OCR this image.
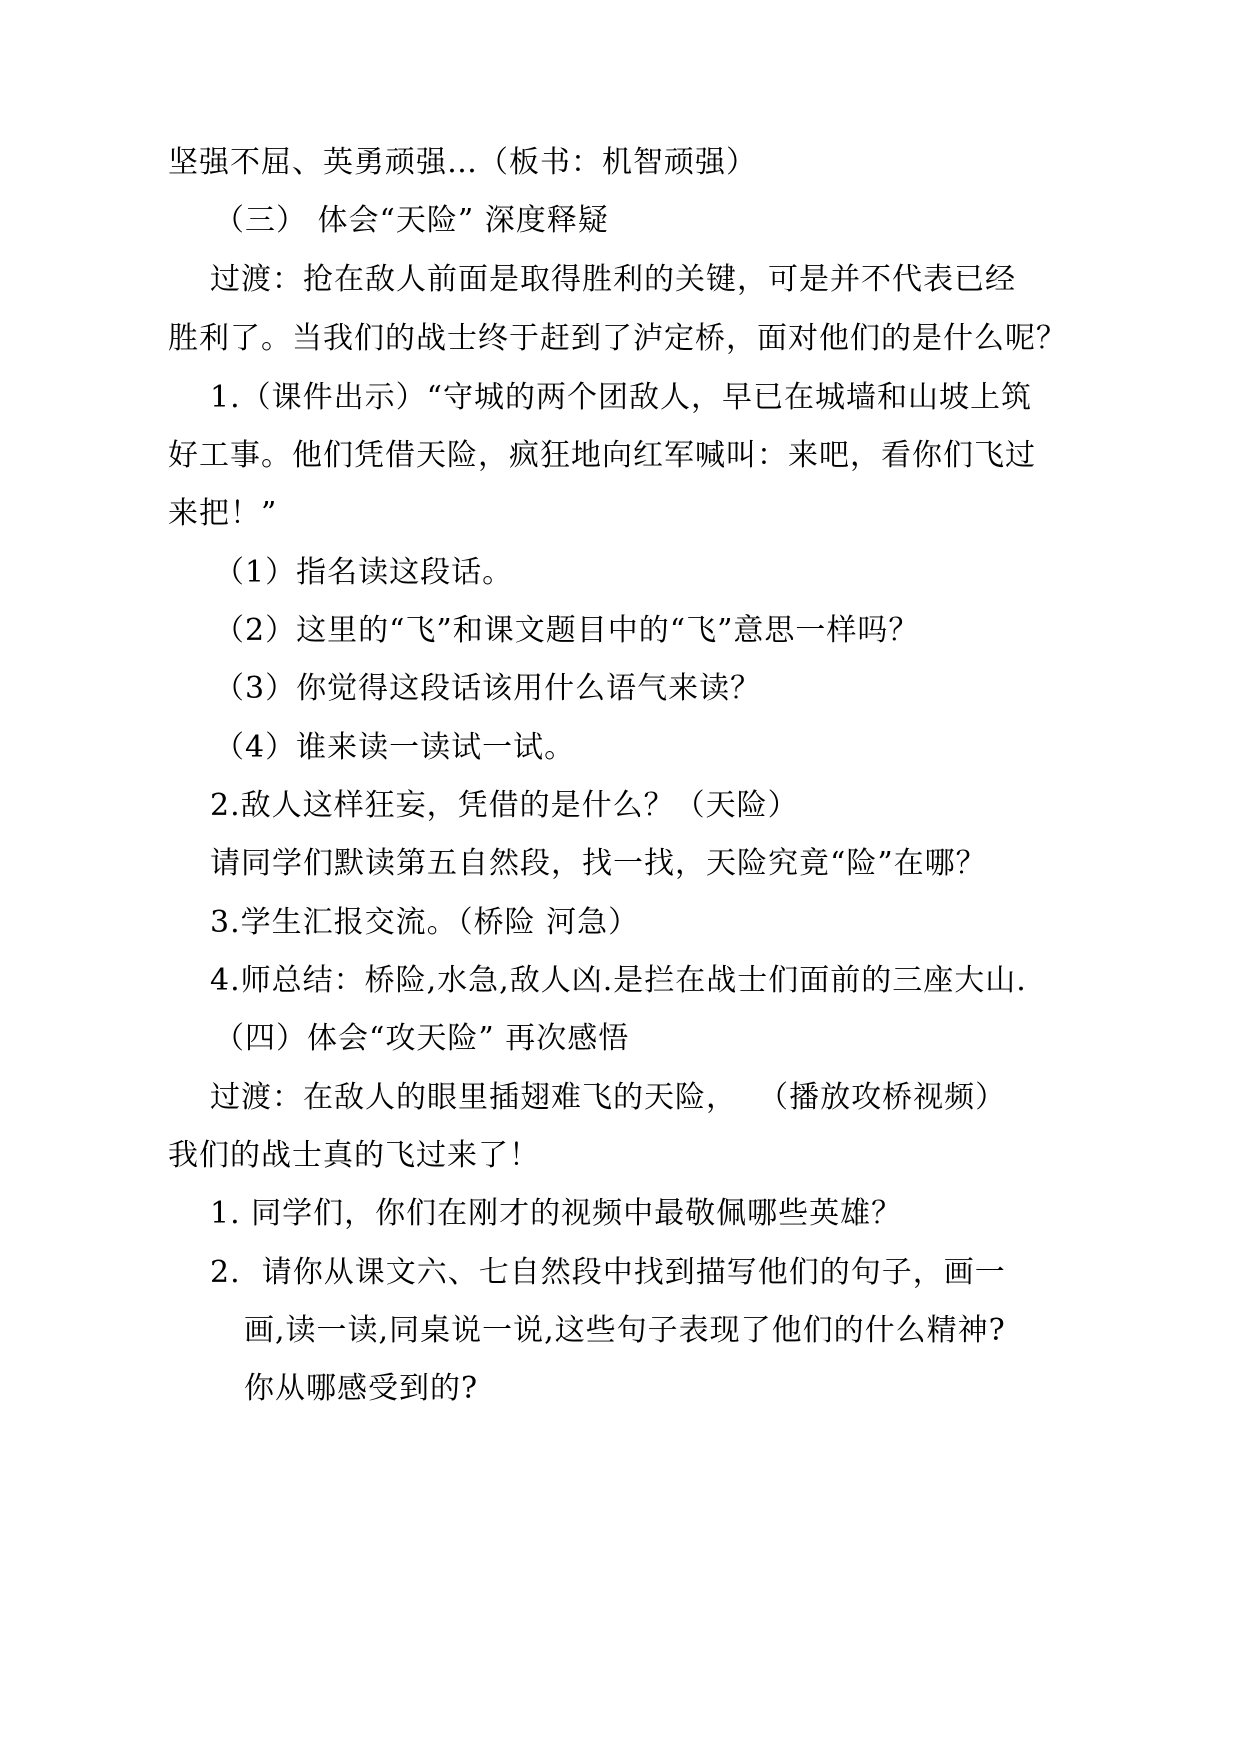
坚强不屈、英勇顽强…（板书：机智顽强）
（三） 体会“天险” 深度释疑
过渡：抢在敌人前面是取得胜利的关键，可是并不代表已经
胜利了。当我们的战士终于赶到了泸定桥，面对他们的是什么呢？
1.（课件出示）“守城的两个团敌人，早已在城墙和山坡上筑
好工事。他们凭借天险，疯狂地向红军喊叫：来吧，看你们飞过
来把！”
（1）指名读这段话。
（2）这里的“飞”和课文题目中的“飞”意思一样吗？
（3）你觉得这段话该用什么语气来读？
（4）谁来读一读试一试。
2.敌人这样狂妄，凭借的是什么？（天险）
请同学们默读第五自然段，找一找，天险究竟“险”在哪？
3.学生汇报交流。（桥险 河急）
4.师总结：桥险,水急,敌人凶.是拦在战士们面前的三座大山.
（四）体会“攻天险” 再次感悟
过渡：在敌人的眼里插翅难飞的天险，  （播放攻桥视频）
我们的战士真的飞过来了！
1. 同学们，你们在刚才的视频中最敬佩哪些英雄？
2.  请你从课文六、七自然段中找到描写他们的句子，画一
画,读一读,同桌说一说,这些句子表现了他们的什么精神?
你从哪感受到的?
